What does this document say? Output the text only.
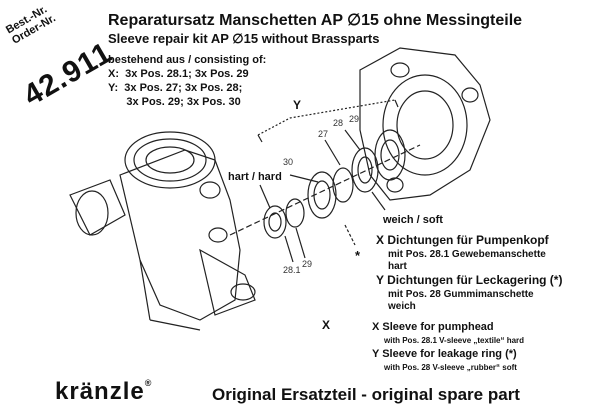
Best.-Nr.
Order-Nr.
42.911
Reparatursatz Manschetten AP ∅15 ohne Messingteile
Sleeve repair kit AP ∅15 without Brassparts
bestehend aus / consisting of:
X:  3x Pos. 28.1; 3x Pos. 29
Y:  3x Pos. 27; 3x Pos. 28;
3x Pos. 29; 3x Pos. 30	Y
X
*
hart / hard
weich / soft
27
28 29
30
28.1
29
X Dichtungen für Pumpenkopf
mit Pos. 28.1 Gewebemanschette
hart
Y Dichtungen für Leckagering (*)
mit Pos. 28 Gummimanschette
weich
X Sleeve for pumphead
with Pos. 28.1 V-sleeve „textile“ hard
Y Sleeve for leakage ring (*)
with Pos. 28 V-sleeve „rubber“ soft
kränzle®
Original Ersatzteil - original spare part
